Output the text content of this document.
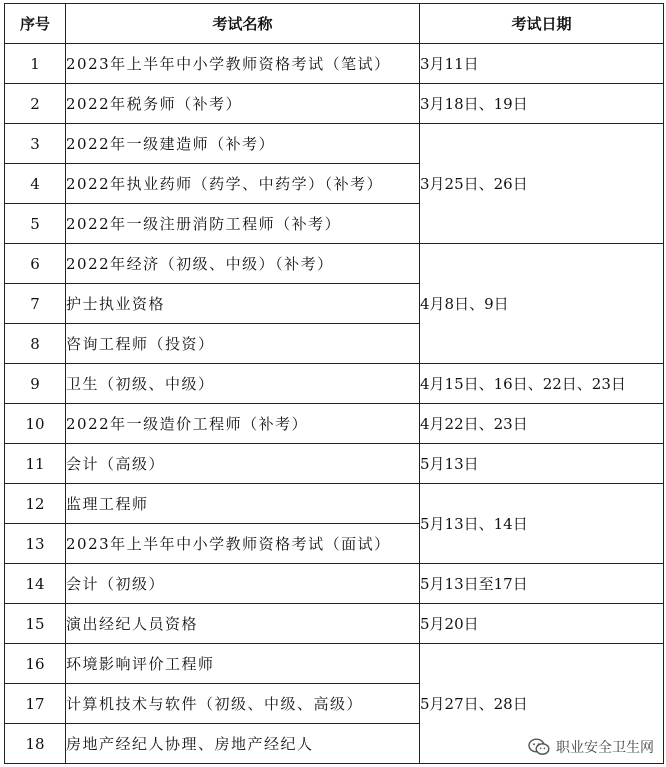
序号	考试名称	考试日期
1	2023年上半年中小学教师资格考试（笔试）	3月11日
2	2022年税务师（补考）	3月18日、19日
3	2022年一级建造师（补考）	3月25日、26日
4	2022年执业药师（药学、中药学）（补考）	
5	2022年一级注册消防工程师（补考）	
6	2022年经济（初级、中级）（补考）	4月8日、9日
7	护士执业资格	
8	咨询工程师（投资）	
9	卫生（初级、中级）	4月15日、16日、22日、23日
10	2022年一级造价工程师（补考）	4月22日、23日
11	会计（高级）	5月13日
12	监理工程师	5月13日、14日
13	2023年上半年中小学教师资格考试（面试）	
14	会计（初级）	5月13日至17日
15	演出经纪人员资格	5月20日
16	环境影响评价工程师	5月27日、28日
17	计算机技术与软件（初级、中级、高级）	
18	房地产经纪人协理、房地产经纪人		职业安全卫生网
